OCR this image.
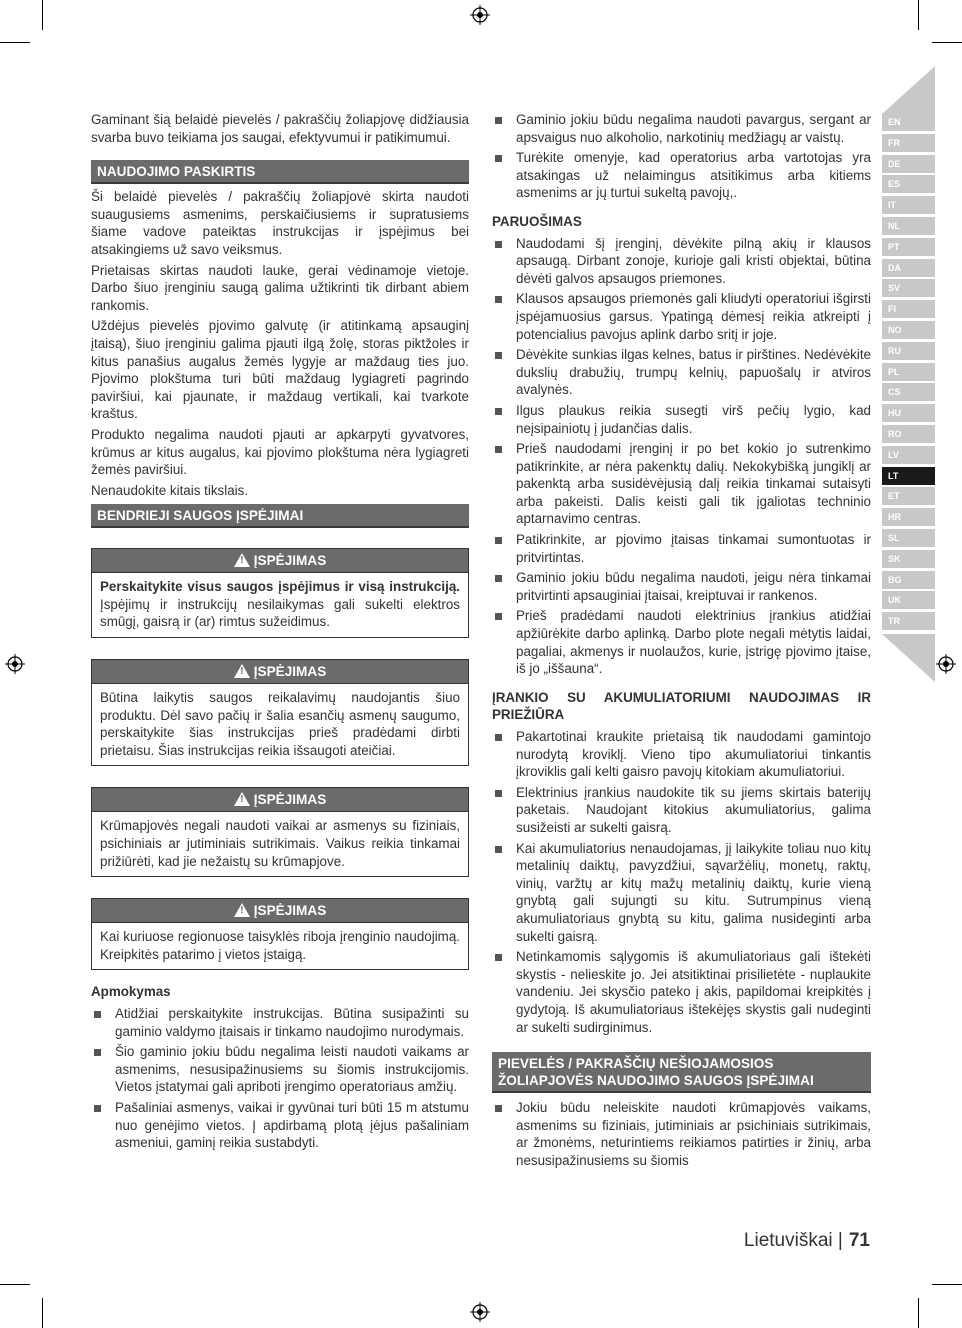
Gaminant šią belaidė pievelės / pakraščių žoliapjovę didžiausia svarba buvo teikiama jos saugai, efektyvumui ir patikimumui.

NAUDOJIMO PASKIRTIS

Ši belaidė pievelės / pakraščių žoliapjovė skirta naudoti suaugusiems asmenims, perskaičiusiems ir supratusiems šiame vadove pateiktas instrukcijas ir įspėjimus bei atsakingiems už savo veiksmus.

Prietaisas skirtas naudoti lauke, gerai vėdinamoje vietoje. Darbo šiuo įrenginiu saugą galima užtikrinti tik dirbant abiem rankomis.

Uždėjus pievelės pjovimo galvutę (ir atitinkamą apsauginį įtaisą), šiuo įrenginiu galima pjauti ilgą žolę, storas piktžoles ir kitus panašius augalus žemės lygyje ar maždaug ties juo. Pjovimo plokštuma turi būti maždaug lygiagreti pagrindo paviršiui, kai pjaunate, ir maždaug vertikali, kai tvarkote kraštus.

Produkto negalima naudoti pjauti ar apkarpyti gyvatvores, krūmus ar kitus augalus, kai pjovimo plokštuma nėra lygiagreti žemės paviršiui.

Nenaudokite kitais tikslais.

BENDRIEJI SAUGOS ĮSPĖJIMAI
! ĮSPĖJIMAS
Perskaitykite visus saugos įspėjimus ir visą instrukciją. Įspėjimų ir instrukcijų nesilaikymas gali sukelti elektros smūgį, gaisrą ir (ar) rimtus sužeidimus.
! ĮSPĖJIMAS
Būtina laikytis saugos reikalavimų naudojantis šiuo produktu. Dėl savo pačių ir šalia esančių asmenų saugumo, perskaitykite šias instrukcijas prieš pradėdami dirbti prietaisu. Šias instrukcijas reikia išsaugoti ateičiai.
! ĮSPĖJIMAS
Krūmapjovės negali naudoti vaikai ar asmenys su fiziniais, psichiniais ar jutiminiais sutrikimais. Vaikus reikia tinkamai prižiūrėti, kad jie nežaistų su krūmapjove.
! ĮSPĖJIMAS
Kai kuriuose regionuose taisyklės riboja įrenginio naudojimą. Kreipkitės patarimo į vietos įstaigą.
Apmokymas
Atidžiai perskaitykite instrukcijas. Būtina susipažinti su gaminio valdymo įtaisais ir tinkamo naudojimo nurodymais.
Šio gaminio jokiu būdu negalima leisti naudoti vaikams ar asmenims, nesusipažinusiems su šiomis instrukcijomis. Vietos įstatymai gali apriboti įrengimo operatoriaus amžių.
Pašaliniai asmenys, vaikai ir gyvūnai turi būti 15 m atstumu nuo genėjimo vietos. Į apdirbamą plotą įėjus pašaliniam asmeniui, gaminį reikia sustabdyti.
Gaminio jokiu būdu negalima naudoti pavargus, sergant ar apsvaigus nuo alkoholio, narkotinių medžiagų ar vaistų.
Turėkite omenyje, kad operatorius arba vartotojas yra atsakingas už nelaimingus atsitikimus arba kitiems asmenims ar jų turtui sukeltą pavojų,.
PARUOŠIMAS
Naudodami šį įrenginį, dėvėkite pilną akių ir klausos apsaugą. Dirbant zonoje, kurioje gali kristi objektai, būtina dėvėti galvos apsaugos priemones.
Klausos apsaugos priemonės gali kliudyti operatoriui išgirsti įspėjamuosius garsus. Ypatingą dėmesį reikia atkreipti į potencialius pavojus aplink darbo sritį ir joje.
Dėvėkite sunkias ilgas kelnes, batus ir pirštines. Nedėvėkite dukslių drabužių, trumpų kelnių, papuošalų ir atviros avalynės.
Ilgus plaukus reikia susegti virš pečių lygio, kad neįsipainiotų į judančias dalis.
Prieš naudodami įrenginį ir po bet kokio jo sutrenkimo patikrinkite, ar nėra pakenktų dalių. Nekokybišką jungiklį ar pakenktą arba susidėvėjusią dalį reikia tinkamai sutaisyti arba pakeisti. Dalis keisti gali tik įgaliotas techninio aptarnavimo centras.
Patikrinkite, ar pjovimo įtaisas tinkamai sumontuotas ir pritvirtintas.
Gaminio jokiu būdu negalima naudoti, jeigu nėra tinkamai pritvirtinti apsauginiai įtaisai, kreiptuvai ir rankenos.
Prieš pradėdami naudoti elektrinius įrankius atidžiai apžiūrėkite darbo aplinką. Darbo plote negali mėtytis laidai, pagaliai, akmenys ir nuolaužos, kurie, įstrigę pjovimo įtaise, iš jo „iššauna“.
ĮRANKIO SU AKUMULIATORIUMI NAUDOJIMAS IR PRIEŽIŪRA
Pakartotinai kraukite prietaisą tik naudodami gamintojo nurodytą kroviklį. Vieno tipo akumuliatoriui tinkantis įkroviklis gali kelti gaisro pavojų kitokiam akumuliatoriui.
Elektrinius įrankius naudokite tik su jiems skirtais baterijų paketais. Naudojant kitokius akumuliatorius, galima susižeisti ar sukelti gaisrą.
Kai akumuliatorius nenaudojamas, jį laikykite toliau nuo kitų metalinių daiktų, pavyzdžiui, sąvaržėlių, monetų, raktų, vinių, varžtų ar kitų mažų metalinių daiktų, kurie vieną gnybtą gali sujungti su kitu. Sutrumpinus vieną akumuliatoriaus gnybtą su kitu, galima nusideginti arba sukelti gaisrą.
Netinkamomis sąlygomis iš akumuliatoriaus gali ištekėti skystis - nelieskite jo. Jei atsitiktinai prisilietėte - nuplaukite vandeniu. Jei skysčio pateko į akis, papildomai kreipkitės į gydytoją. Iš akumuliatoriaus ištekėjęs skystis gali nudeginti ar sukelti sudirginimus.
PIEVELĖS / PAKRAŠČIŲ NEŠIOJAMOSIOS ŽOLIAPJOVĖS NAUDOJIMO SAUGOS ĮSPĖJIMAI
Jokiu būdu neleiskite naudoti krūmapjovės vaikams, asmenims su fiziniais, jutiminiais ar psichiniais sutrikimais, ar žmonėms, neturintiems reikiamos patirties ir žinių, arba nesusipažinusiems su šiomis
EN
FR
DE
ES
IT
NL
PT
DA
SV
FI
NO
RU
PL
CS
HU
RO
LV
LT
ET
HR
SL
SK
BG
UK
TR
Lietuviškai | 71
